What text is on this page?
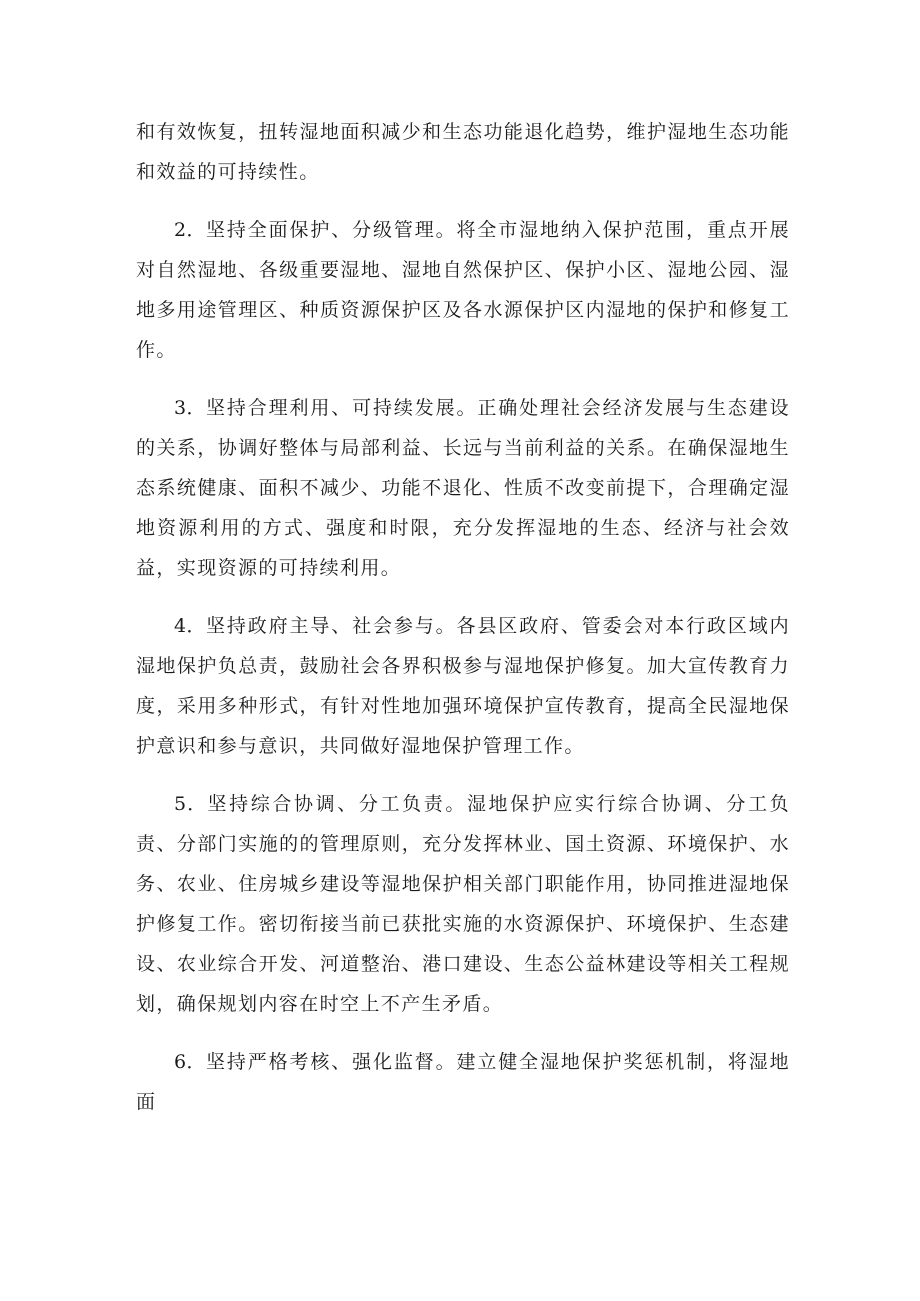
和有效恢复，扭转湿地面积减少和生态功能退化趋势，维护湿地生态功能和效益的可持续性。

2．坚持全面保护、分级管理。将全市湿地纳入保护范围，重点开展对自然湿地、各级重要湿地、湿地自然保护区、保护小区、湿地公园、湿地多用途管理区、种质资源保护区及各水源保护区内湿地的保护和修复工作。

3．坚持合理利用、可持续发展。正确处理社会经济发展与生态建设的关系，协调好整体与局部利益、长远与当前利益的关系。在确保湿地生态系统健康、面积不减少、功能不退化、性质不改变前提下，合理确定湿地资源利用的方式、强度和时限，充分发挥湿地的生态、经济与社会效益，实现资源的可持续利用。

4．坚持政府主导、社会参与。各县区政府、管委会对本行政区域内湿地保护负总责，鼓励社会各界积极参与湿地保护修复。加大宣传教育力度，采用多种形式，有针对性地加强环境保护宣传教育，提高全民湿地保护意识和参与意识，共同做好湿地保护管理工作。

5．坚持综合协调、分工负责。湿地保护应实行综合协调、分工负责、分部门实施的的管理原则，充分发挥林业、国土资源、环境保护、水务、农业、住房城乡建设等湿地保护相关部门职能作用，协同推进湿地保护修复工作。密切衔接当前已获批实施的水资源保护、环境保护、生态建设、农业综合开发、河道整治、港口建设、生态公益林建设等相关工程规划，确保规划内容在时空上不产生矛盾。

6．坚持严格考核、强化监督。建立健全湿地保护奖惩机制，将湿地面
